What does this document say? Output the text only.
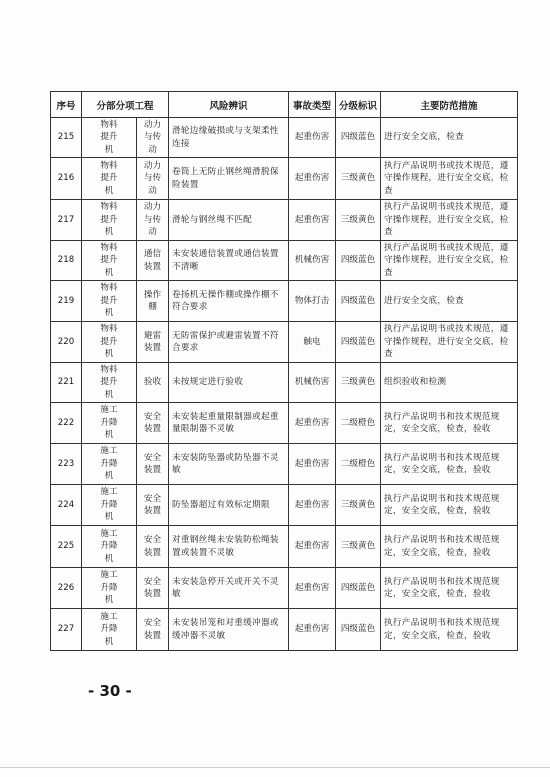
序号	分部分项工程		风险辨识	事故类型	分级标识	主要防范措施
215	物料提升机	动力与传动	滑轮边缘破损或与支架柔性连接	起重伤害	四级蓝色	进行安全交底，检查
216	物料提升机	动力与传动	卷筒上无防止钢丝绳滑脱保险装置	起重伤害	三级黄色	执行产品说明书或技术规范，遵守操作规程，进行安全交底，检查
217	物料提升机	动力与传动	滑轮与钢丝绳不匹配	起重伤害	三级黄色	执行产品说明书或技术规范，遵守操作规程，进行安全交底，检查
218	物料提升机	通信装置	未安装通信装置或通信装置不清晰	机械伤害	四级蓝色	执行产品说明书或技术规范，遵守操作规程，进行安全交底，检查
219	物料提升机	操作棚	卷扬机无操作棚或操作棚不符合要求	物体打击	四级蓝色	进行安全交底，检查
220	物料提升机	避雷装置	无防雷保护或避雷装置不符合要求	触电	四级蓝色	执行产品说明书或技术规范，遵守操作规程，进行安全交底，检查
221	物料提升机	验收	未按规定进行验收	机械伤害	三级黄色	组织验收和检测
222	施工升降机	安全装置	未安装起重量限制器或起重量限制器不灵敏	起重伤害	二级橙色	执行产品说明书和技术规范规定，安全交底，检查，验收
223	施工升降机	安全装置	未安装防坠器或防坠器不灵敏	起重伤害	二级橙色	执行产品说明书和技术规范规定，安全交底，检查，验收
224	施工升降机	安全装置	防坠器超过有效标定期限	起重伤害	三级黄色	执行产品说明书和技术规范规定，安全交底，检查，验收
225	施工升降机	安全装置	对重钢丝绳未安装防松绳装置或装置不灵敏	起重伤害	三级黄色	执行产品说明书和技术规范规定，安全交底，检查，验收
226	施工升降机	安全装置	未安装急停开关或开关不灵敏	起重伤害	四级蓝色	执行产品说明书和技术规范规定，安全交底，检查，验收
227	施工升降机	安全装置	未安装吊笼和对重缓冲器或缓冲器不灵敏	起重伤害	四级蓝色	执行产品说明书和技术规范规定，安全交底，检查，验收
- 30 -
